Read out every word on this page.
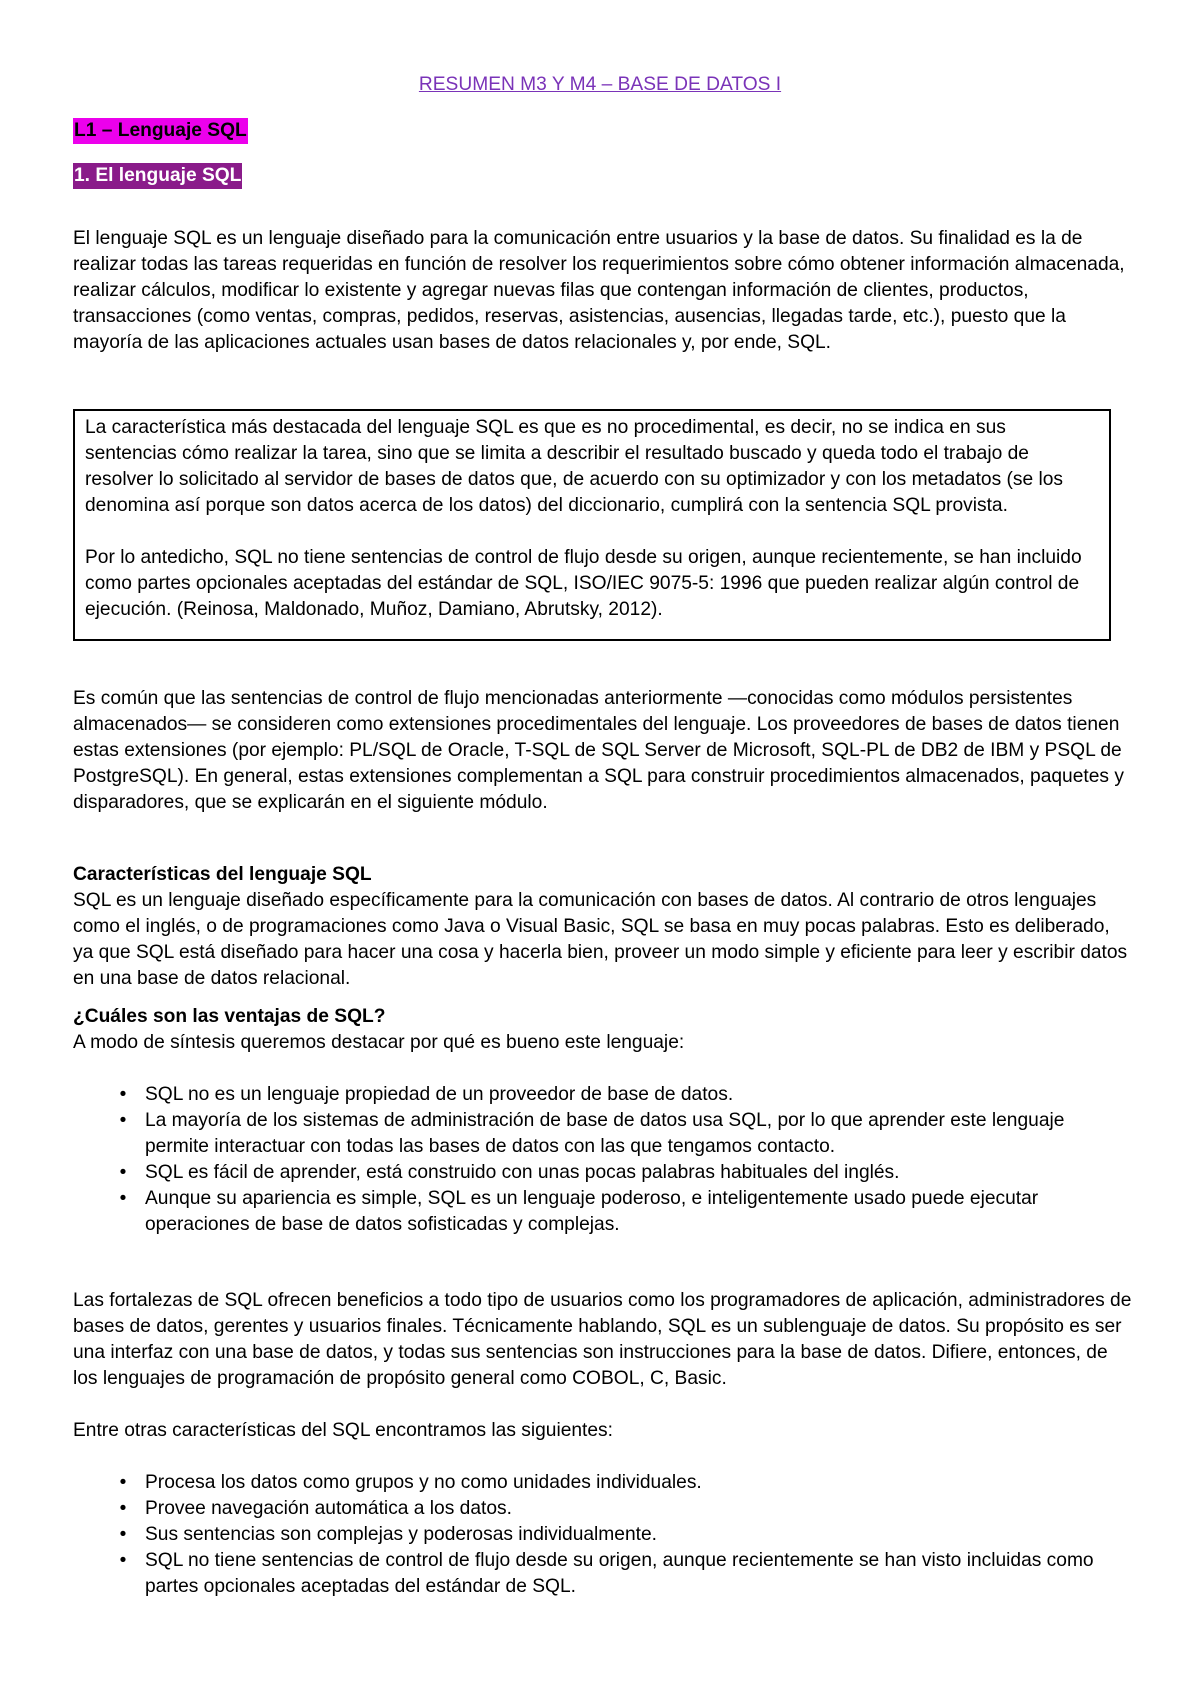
RESUMEN M3 Y M4 – BASE DE DATOS I
L1 – Lenguaje SQL
1. El lenguaje SQL

El lenguaje SQL es un lenguaje diseñado para la comunicación entre usuarios y la base de datos. Su finalidad es la de realizar todas las tareas requeridas en función de resolver los requerimientos sobre cómo obtener información almacenada, realizar cálculos, modificar lo existente y agregar nuevas filas que contengan información de clientes, productos, transacciones (como ventas, compras, pedidos, reservas, asistencias, ausencias, llegadas tarde, etc.), puesto que la mayoría de las aplicaciones actuales usan bases de datos relacionales y, por ende, SQL.

La característica más destacada del lenguaje SQL es que es no procedimental, es decir, no se indica en sus sentencias cómo realizar la tarea, sino que se limita a describir el resultado buscado y queda todo el trabajo de resolver lo solicitado al servidor de bases de datos que, de acuerdo con su optimizador y con los metadatos (se los denomina así porque son datos acerca de los datos) del diccionario, cumplirá con la sentencia SQL provista.

Por lo antedicho, SQL no tiene sentencias de control de flujo desde su origen, aunque recientemente, se han incluido como partes opcionales aceptadas del estándar de SQL, ISO/IEC 9075-5: 1996 que pueden realizar algún control de ejecución. (Reinosa, Maldonado, Muñoz, Damiano, Abrutsky, 2012).

Es común que las sentencias de control de flujo mencionadas anteriormente —conocidas como módulos persistentes almacenados— se consideren como extensiones procedimentales del lenguaje. Los proveedores de bases de datos tienen estas extensiones (por ejemplo: PL/SQL de Oracle, T-SQL de SQL Server de Microsoft, SQL-PL de DB2 de IBM y PSQL de PostgreSQL). En general, estas extensiones complementan a SQL para construir procedimientos almacenados, paquetes y disparadores, que se explicarán en el siguiente módulo.

Características del lenguaje SQL
SQL es un lenguaje diseñado específicamente para la comunicación con bases de datos. Al contrario de otros lenguajes como el inglés, o de programaciones como Java o Visual Basic, SQL se basa en muy pocas palabras. Esto es deliberado, ya que SQL está diseñado para hacer una cosa y hacerla bien, proveer un modo simple y eficiente para leer y escribir datos en una base de datos relacional.
¿Cuáles son las ventajas de SQL?
A modo de síntesis queremos destacar por qué es bueno este lenguaje:
• SQL no es un lenguaje propiedad de un proveedor de base de datos.
• La mayoría de los sistemas de administración de base de datos usa SQL, por lo que aprender este lenguaje permite interactuar con todas las bases de datos con las que tengamos contacto.
• SQL es fácil de aprender, está construido con unas pocas palabras habituales del inglés.
• Aunque su apariencia es simple, SQL es un lenguaje poderoso, e inteligentemente usado puede ejecutar operaciones de base de datos sofisticadas y complejas.

Las fortalezas de SQL ofrecen beneficios a todo tipo de usuarios como los programadores de aplicación, administradores de bases de datos, gerentes y usuarios finales. Técnicamente hablando, SQL es un sublenguaje de datos. Su propósito es ser una interfaz con una base de datos, y todas sus sentencias son instrucciones para la base de datos. Difiere, entonces, de los lenguajes de programación de propósito general como COBOL, C, Basic.

Entre otras características del SQL encontramos las siguientes:

• Procesa los datos como grupos y no como unidades individuales.
• Provee navegación automática a los datos.
• Sus sentencias son complejas y poderosas individualmente.
• SQL no tiene sentencias de control de flujo desde su origen, aunque recientemente se han visto incluidas como partes opcionales aceptadas del estándar de SQL.
